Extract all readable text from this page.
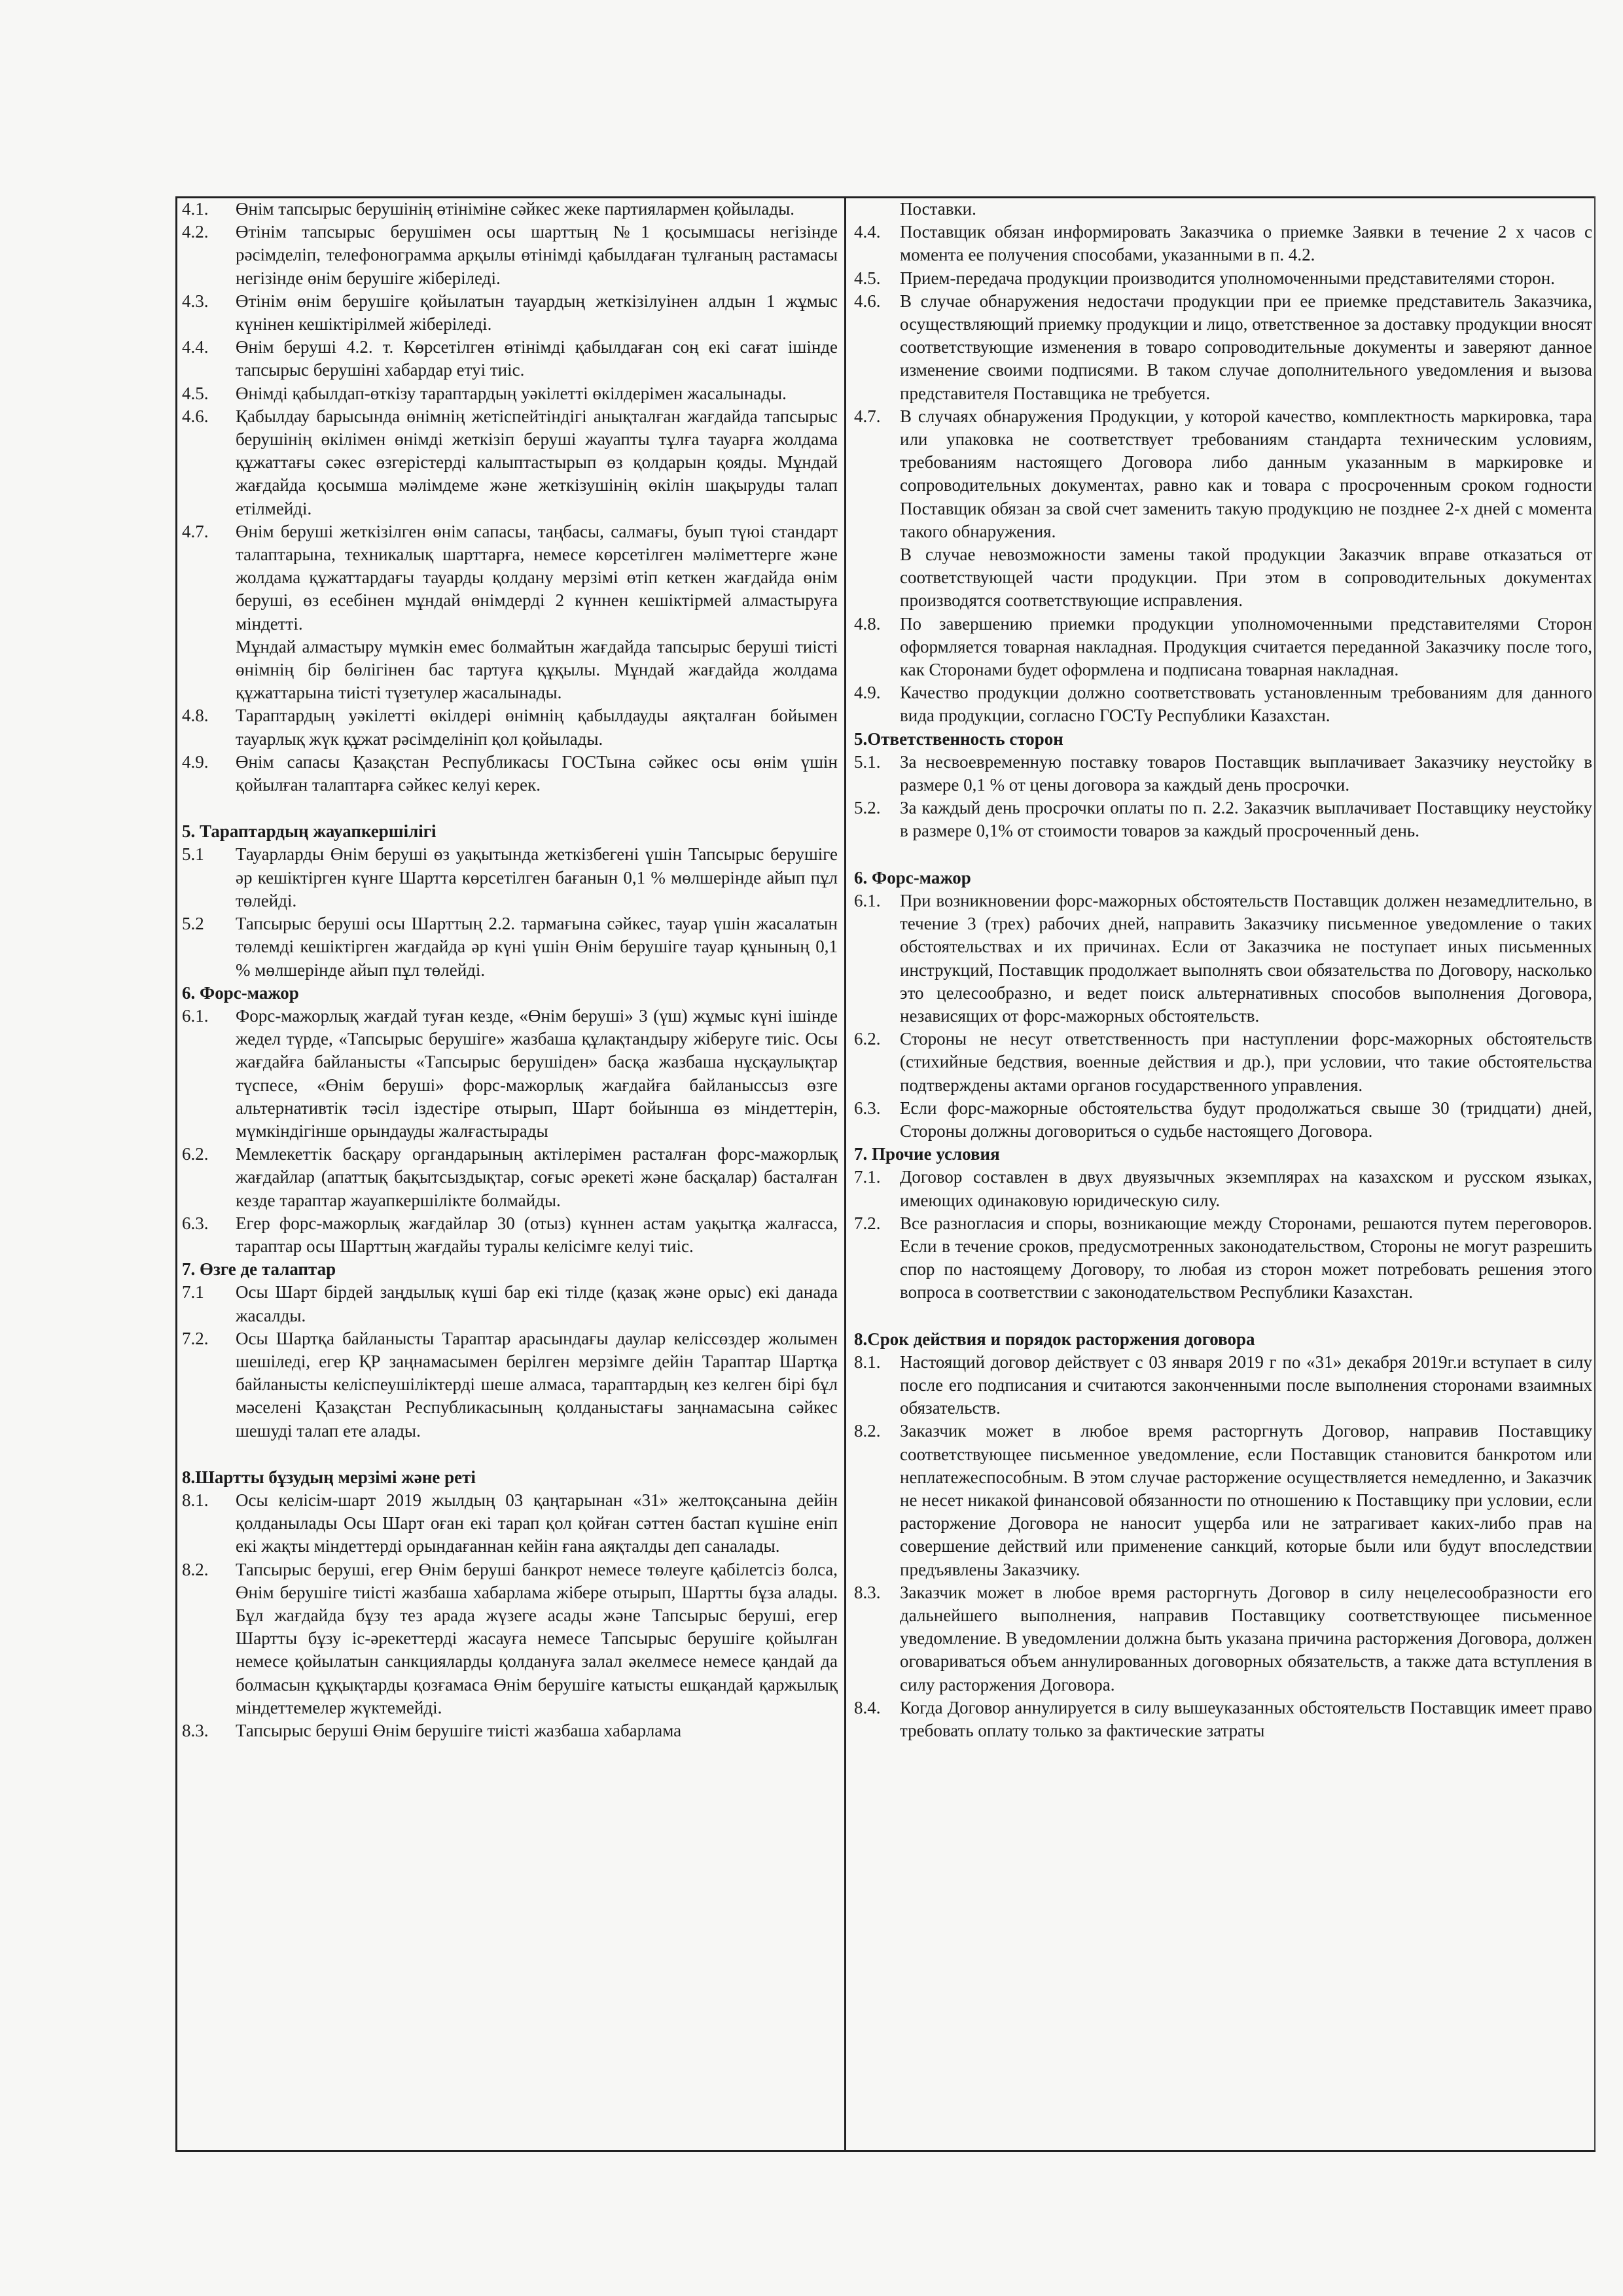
4.1.	Өнім тапсырыс берушінің өтініміне сәйкес жеке партиялармен қойылады.
4.2.	Өтінім тапсырыс берушімен осы шарттың №1 қосымшасы негізінде рәсімделіп, телефонограмма арқылы өтінімді қабылдаған тұлғаның растамасы негізінде өнім берушіге жіберіледі.
4.3.	Өтінім өнім берушіге қойылатын тауардың жеткізілуінен алдын 1 жұмыс күнінен кешіктірілмей жіберіледі.
4.4.	Өнім беруші 4.2. т. Көрсетілген өтінімді қабылдаған соң екі сағат ішінде тапсырыс берушіні хабардар етуі тиіс.
4.5.	Өнімді қабылдап-өткізу тараптардың уәкілетті өкілдерімен жасалынады.
4.6.	Қабылдау барысында өнімнің жетіспейтіндігі анықталған жағдайда тапсырыс берушінің өкілімен өнімді жеткізіп беруші жауапты тұлға тауарға жолдама құжаттағы сәкес өзгерістерді калыптастырып өз қолдарын қояды. Мұндай жағдайда қосымша мәлімдеме және жеткізушінің өкілін шақыруды талап етілмейді.
4.7.	Өнім беруші жеткізілген өнім сапасы, таңбасы, салмағы, буып түюі стандарт талаптарына, техникалық шарттарға, немесе көрсетілген мәліметтерге және жолдама құжаттардағы тауарды қолдану мерзімі өтіп кеткен жағдайда өнім беруші, өз есебінен мұндай өнімдерді 2 күннен кешіктірмей алмастыруға міндетті.

Мұндай алмастыру мүмкін емес болмайтын жағдайда тапсырыс беруші тиісті өнімнің бір бөлігінен бас тартуға құқылы. Мұндай жағдайда жолдама құжаттарына тиісті түзетулер жасалынады.

4.8.	Тараптардың уәкілетті өкілдері өнімнің қабылдауды аяқталған бойымен тауарлық жүк құжат рәсімделініп қол қойылады.
4.9.	Өнім сапасы Қазақстан Республикасы ГОСТына сәйкес осы өнім үшін қойылған талаптарға сәйкес келуі керек.

5. Тараптардың жауапкершілігі

5.1	Тауарларды Өнім беруші өз уақытында жеткізбегені үшін Тапсырыс берушіге әр кешіктірген күнге Шартта көрсетілген бағанын 0,1 % мөлшерінде айып пұл төлейді.
5.2	Тапсырыс беруші осы Шарттың 2.2. тармағына сәйкес, тауар үшін жасалатын төлемді кешіктірген жағдайда әр күні үшін Өнім берушіге тауар құнының 0,1 % мөлшерінде айып пұл төлейді.

6. Форс-мажор

6.1.	Форс-мажорлық жағдай туған кезде, «Өнім беруші» 3 (үш) жұмыс күні ішінде жедел түрде, «Тапсырыс берушіге» жазбаша құлақтандыру жіберуге тиіс. Осы жағдайға байланысты «Тапсырыс берушіден» басқа жазбаша нұсқаулықтар түспесе, «Өнім беруші» форс-мажорлық жағдайға байланыссыз өзге альтернативтік тәсіл іздестіре отырып, Шарт бойынша өз міндеттерін, мүмкіндігінше орындауды жалғастырады
6.2.	Мемлекеттік басқару органдарының актілерімен расталған форс-мажорлық жағдайлар (апаттық бақытсыздықтар, соғыс әрекеті және басқалар) басталған кезде тараптар жауапкершілікте болмайды.
6.3.	Егер форс-мажорлық жағдайлар 30 (отыз) күннен астам уақытқа жалғасса, тараптар осы Шарттың жағдайы туралы келісімге келуі тиіс.

7. Өзге де талаптар

7.1	Осы Шарт бірдей заңдылық күші бар екі тілде (қазақ және орыс) екі данада жасалды.
7.2.	Осы Шартқа байланысты Тараптар арасындағы даулар келіссөздер жолымен шешіледі, егер ҚР заңнамасымен берілген мерзімге дейін Тараптар Шартқа байланысты келіспеушіліктерді шеше алмаса, тараптардың кез келген бірі бұл мәселені Қазақстан Республикасының қолданыстағы заңнамасына сәйкес шешуді талап ете алады.

8.Шартты бұзудың мерзімі және реті

8.1.	Осы келісім-шарт 2019 жылдың 03 қаңтарынан «31» желтоқсанына дейін қолданылады Осы Шарт оған екі тарап қол қойған сәттен бастап күшіне еніп екі жақты міндеттерді орындағаннан кейін ғана аяқталды деп саналады.
8.2.	Тапсырыс беруші, егер Өнім беруші банкрот немесе төлеуге қабілетсіз болса, Өнім берушіге тиісті жазбаша хабарлама жібере отырып, Шартты бұза алады. Бұл жағдайда бұзу тез арада жүзеге асады және Тапсырыс беруші, егер Шартты бұзу іс-әрекеттерді жасауға немесе Тапсырыс берушіге қойылған немесе қойылатын санкцияларды қолдануға залал әкелмесе немесе қандай да болмасын құқықтарды қозғамаса Өнім берушіге катысты ешқандай қаржылық міндеттемелер жүктемейді.
8.3.	Тапсырыс беруші Өнім берушіге тиісті жазбаша хабарлама

Поставки.

4.4.	Поставщик обязан информировать Заказчика о приемке Заявки в течение 2 х часов с момента ее получения способами, указанными в п. 4.2.
4.5.	Прием-передача продукции производится уполномоченными представителями сторон.
4.6.	В случае обнаружения недостачи продукции при ее приемке представитель Заказчика, осуществляющий приемку продукции и лицо, ответственное за доставку продукции вносят соответствующие изменения в товаро сопроводительные документы и заверяют данное изменение своими подписями. В таком случае дополнительного уведомления и вызова представителя Поставщика не требуется.
4.7.	В случаях обнаружения Продукции, у которой качество, комплектность маркировка, тара или упаковка не соответствует требованиям стандарта техническим условиям, требованиям настоящего Договора либо данным указанным в маркировке и сопроводительных документах, равно как и товара с просроченным сроком годности Поставщик обязан за свой счет заменить такую продукцию не позднее 2-х дней с момента такого обнаружения.

В случае невозможности замены такой продукции Заказчик вправе отказаться от соответствующей части продукции. При этом в сопроводительных документах производятся соответствующие исправления.

4.8.	По завершению приемки продукции уполномоченными представителями Сторон оформляется товарная накладная. Продукция считается переданной Заказчику после того, как Сторонами будет оформлена и подписана товарная накладная.
4.9.	Качество продукции должно соответствовать установленным требованиям для данного вида продукции, согласно ГОСТу Республики Казахстан.

5.Ответственность сторон

5.1.	За несвоевременную поставку товаров Поставщик выплачивает Заказчику неустойку в размере 0,1 % от цены договора за каждый день просрочки.
5.2.	За каждый день просрочки оплаты по п. 2.2. Заказчик выплачивает Поставщику неустойку в размере 0,1% от стоимости товаров за каждый просроченный день.

6. Форс-мажор

6.1.	При возникновении форс-мажорных обстоятельств Поставщик должен незамедлительно, в течение 3 (трех) рабочих дней, направить Заказчику письменное уведомление о таких обстоятельствах и их причинах. Если от Заказчика не поступает иных письменных инструкций, Поставщик продолжает выполнять свои обязательства по Договору, насколько это целесообразно, и ведет поиск альтернативных способов выполнения Договора, независящих от форс-мажорных обстоятельств.
6.2.	Стороны не несут ответственность при наступлении форс-мажорных обстоятельств (стихийные бедствия, военные действия и др.), при условии, что такие обстоятельства подтверждены актами органов государственного управления.
6.3.	Если форс-мажорные обстоятельства будут продолжаться свыше 30 (тридцати) дней, Стороны должны договориться о судьбе настоящего Договора.

7. Прочие условия

7.1.	Договор составлен в двух двуязычных экземплярах на казахском и русском языках, имеющих одинаковую юридическую силу.
7.2.	Все разногласия и споры, возникающие между Сторонами, решаются путем переговоров. Если в течение сроков, предусмотренных законодательством, Стороны не могут разрешить спор по настоящему Договору, то любая из сторон может потребовать решения этого вопроса в соответствии с законодательством Республики Казахстан.

8.Срок действия и порядок расторжения договора

8.1.	Настоящий договор действует с 03 января 2019 г по «31» декабря 2019г.и вступает в силу после его подписания и считаются законченными после выполнения сторонами взаимных обязательств.
8.2.	Заказчик может в любое время расторгнуть Договор, направив Поставщику соответствующее письменное уведомление, если Поставщик становится банкротом или неплатежеспособным. В этом случае расторжение осуществляется немедленно, и Заказчик не несет никакой финансовой обязанности по отношению к Поставщику при условии, если расторжение Договора не наносит ущерба или не затрагивает каких-либо прав на совершение действий или применение санкций, которые были или будут впоследствии предъявлены Заказчику.
8.3.	Заказчик может в любое время расторгнуть Договор в силу нецелесообразности его дальнейшего выполнения, направив Поставщику соответствующее письменное уведомление. В уведомлении должна быть указана причина расторжения Договора, должен оговариваться объем аннулированных договорных обязательств, а также дата вступления в силу расторжения Договора.
8.4.	Когда Договор аннулируется в силу вышеуказанных обстоятельств Поставщик имеет право требовать оплату только за фактические затраты
